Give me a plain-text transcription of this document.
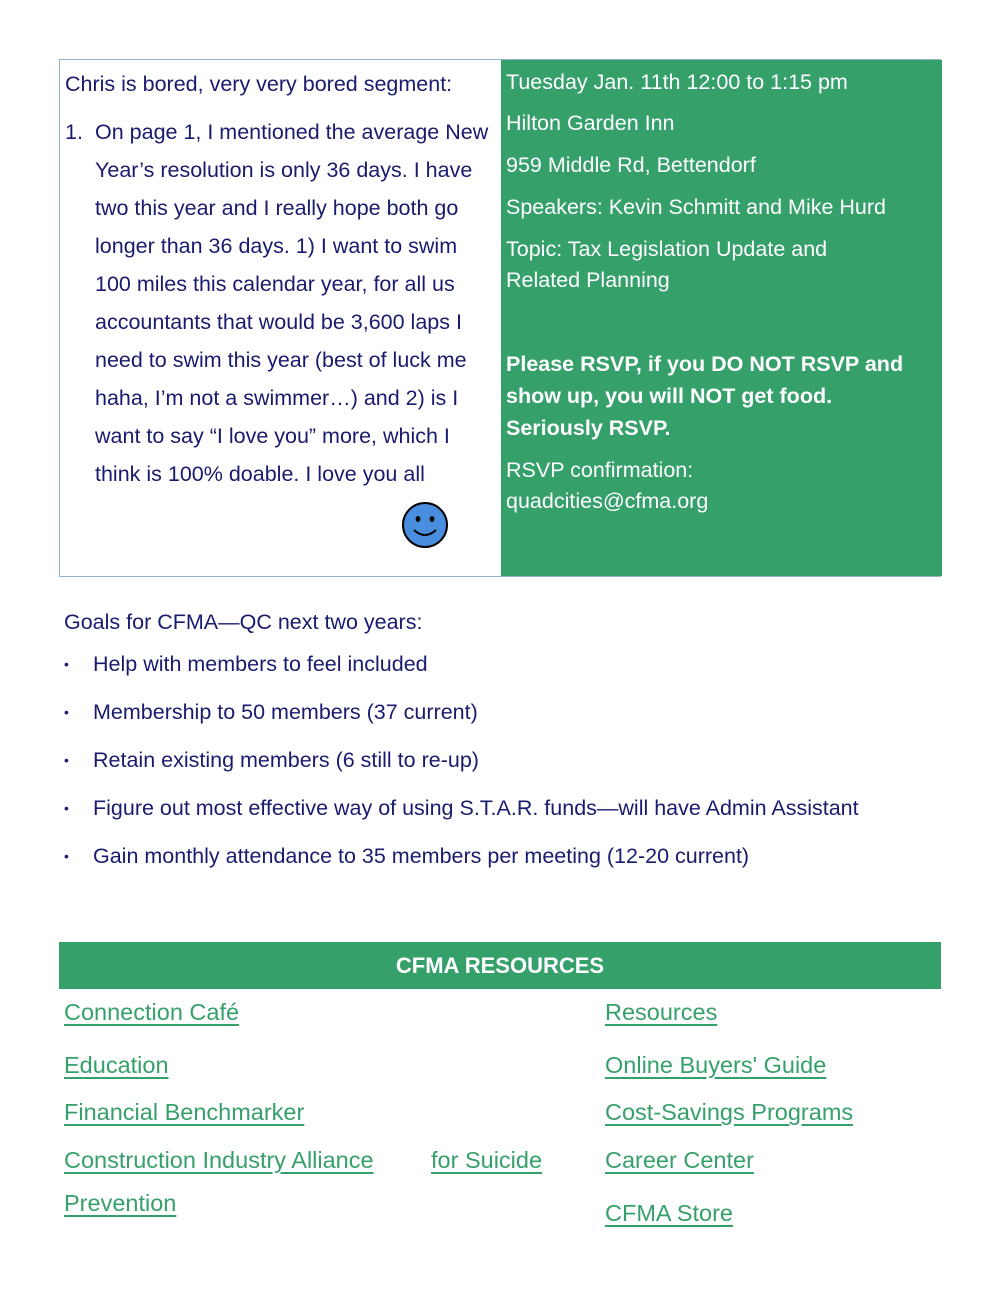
Chris is bored, very very bored segment:
1. On page 1, I mentioned the average New Year’s resolution is only 36 days. I have two this year and I really hope both go longer than 36 days. 1) I want to swim 100 miles this calendar year, for all us accountants that would be 3,600 laps I need to swim this year (best of luck me haha, I’m not a swimmer…) and 2) is I want to say “I love you” more, which I think is 100% doable. I love you all
Tuesday Jan. 11th 12:00 to 1:15 pm
Hilton Garden Inn
959 Middle Rd, Bettendorf
Speakers: Kevin Schmitt and Mike Hurd
Topic: Tax Legislation Update and
Related Planning
Please RSVP, if you DO NOT RSVP and
show up, you will NOT get food.
Seriously RSVP.
RSVP confirmation:
quadcities@cfma.org
Goals for CFMA—QC next two years:
• Help with members to feel included
• Membership to 50 members (37 current)
• Retain existing members (6 still to re-up)
• Figure out most effective way of using S.T.A.R. funds—will have Admin Assistant
• Gain monthly attendance to 35 members per meeting (12-20 current)
CFMA RESOURCES
Connection Café
Education
Financial Benchmarker
Construction Industry Alliance for Suicide
Prevention
Resources
Online Buyers' Guide
Cost-Savings Programs
Career Center
CFMA Store
